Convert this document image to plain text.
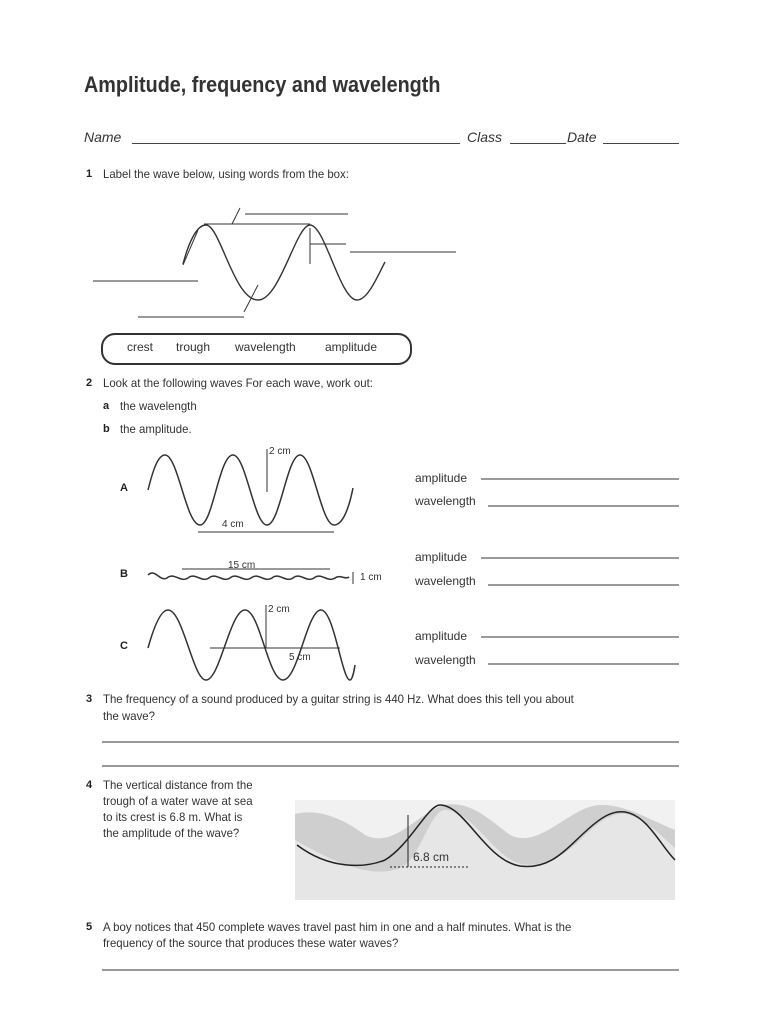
Amplitude, frequency and wavelength
Name	Class	Date
1 Label the wave below, using words from the box:
crest trough wavelength amplitude
2 Look at the following waves For each wave, work out:
a the wavelength
b the amplitude.
A
2 cm
4 cm
amplitude
wavelength
B
15 cm
1 cm
amplitude
wavelength
C
2 cm
5 cm
amplitude
wavelength
3 The frequency of a sound produced by a guitar string is 440 Hz. What does this tell you about
the wave?
4 The vertical distance from the
trough of a water wave at sea
to its crest is 6.8 m. What is
the amplitude of the wave?
6.8 cm
5 A boy notices that 450 complete waves travel past him in one and a half minutes. What is the
frequency of the source that produces these water waves?
